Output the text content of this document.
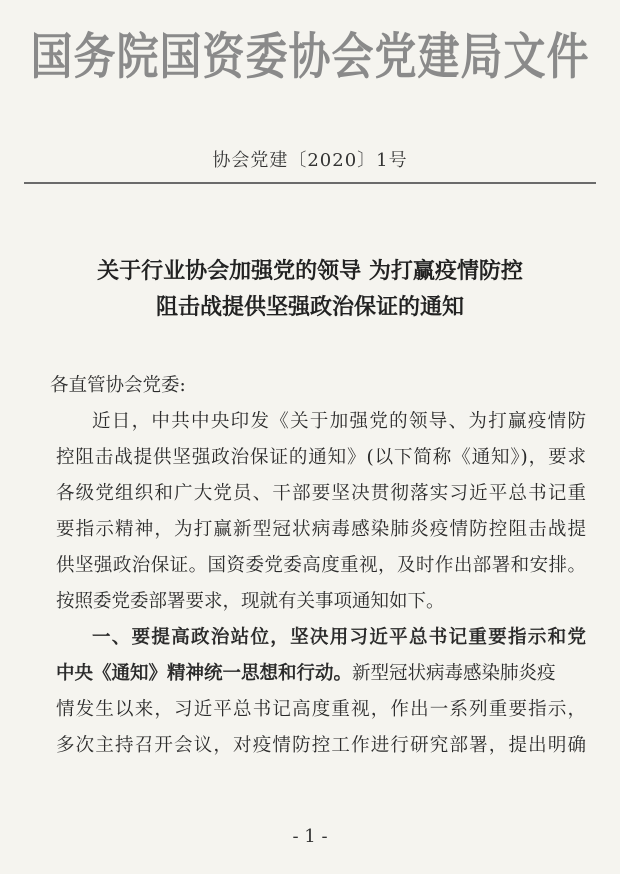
国务院国资委协会党建局文件
协会党建〔2020〕1号
关于行业协会加强党的领导 为打赢疫情防控
阻击战提供坚强政治保证的通知
各直管协会党委:
近日，中共中央印发《关于加强党的领导、为打赢疫情防
控阻击战提供坚强政治保证的通知》(以下简称《通知》)，要求
各级党组织和广大党员、干部要坚决贯彻落实习近平总书记重
要指示精神，为打赢新型冠状病毒感染肺炎疫情防控阻击战提
供坚强政治保证。国资委党委高度重视，及时作出部署和安排。
按照委党委部署要求，现就有关事项通知如下。
一、要提高政治站位，坚决用习近平总书记重要指示和党
中央《通知》精神统一思想和行动。新型冠状病毒感染肺炎疫
情发生以来，习近平总书记高度重视，作出一系列重要指示，
多次主持召开会议，对疫情防控工作进行研究部署，提出明确
- 1 -
